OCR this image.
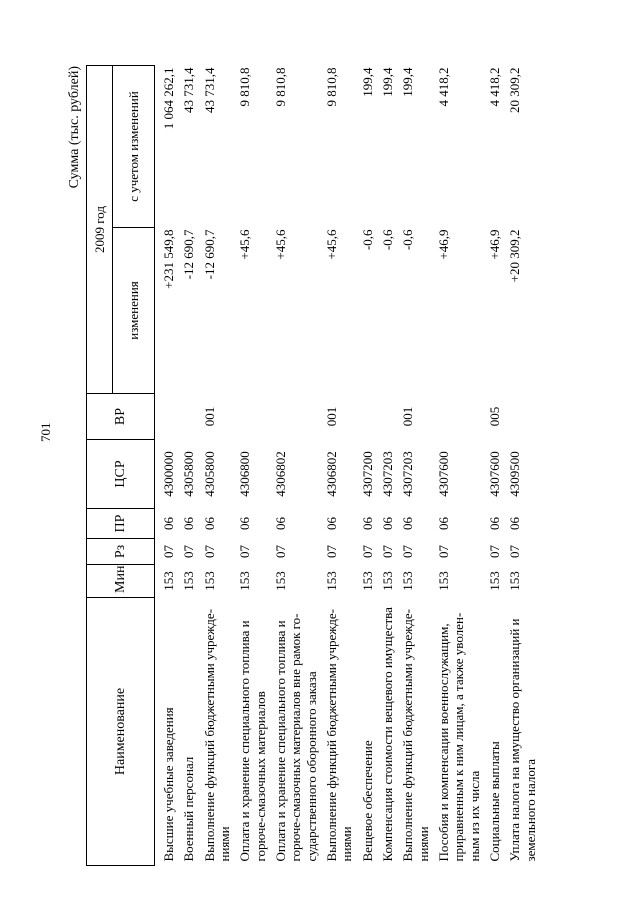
701
Сумма (тыс. рублей)
Наименование	Мин	Рз	ПР	ЦСР	ВР	2009 год	
						изменения	с учетом изменений
Высшие учебные заведения	153	07	06	4300000		+231 549,8	1 064 262,1
Военный персонал	153	07	06	4305800		-12 690,7	43 731,4
Выполнение функций бюджетными учрежде-ниями	153	07	06	4305800	001	-12 690,7	43 731,4
Оплата и хранение специального топлива и горюче-смазочных материалов	153	07	06	4306800		+45,6	9 810,8
Оплата и хранение специального топлива и горюче-смазочных материалов вне рамок го-сударственного оборонного заказа	153	07	06	4306802		+45,6	9 810,8
Выполнение функций бюджетными учрежде-ниями	153	07	06	4306802	001	+45,6	9 810,8
Вещевое обеспечение	153	07	06	4307200		-0,6	199,4
Компенсация стоимости вещевого имущества	153	07	06	4307203		-0,6	199,4
Выполнение функций бюджетными учрежде-ниями	153	07	06	4307203	001	-0,6	199,4
Пособия и компенсации военнослужащим, приравненным к ним лицам, а также уволен-ным из их числа	153	07	06	4307600		+46,9	4 418,2
Социальные выплаты	153	07	06	4307600	005	+46,9	4 418,2
Уплата налога на имущество организаций и земельного налога	153	07	06	4309500		+20 309,2	20 309,2
